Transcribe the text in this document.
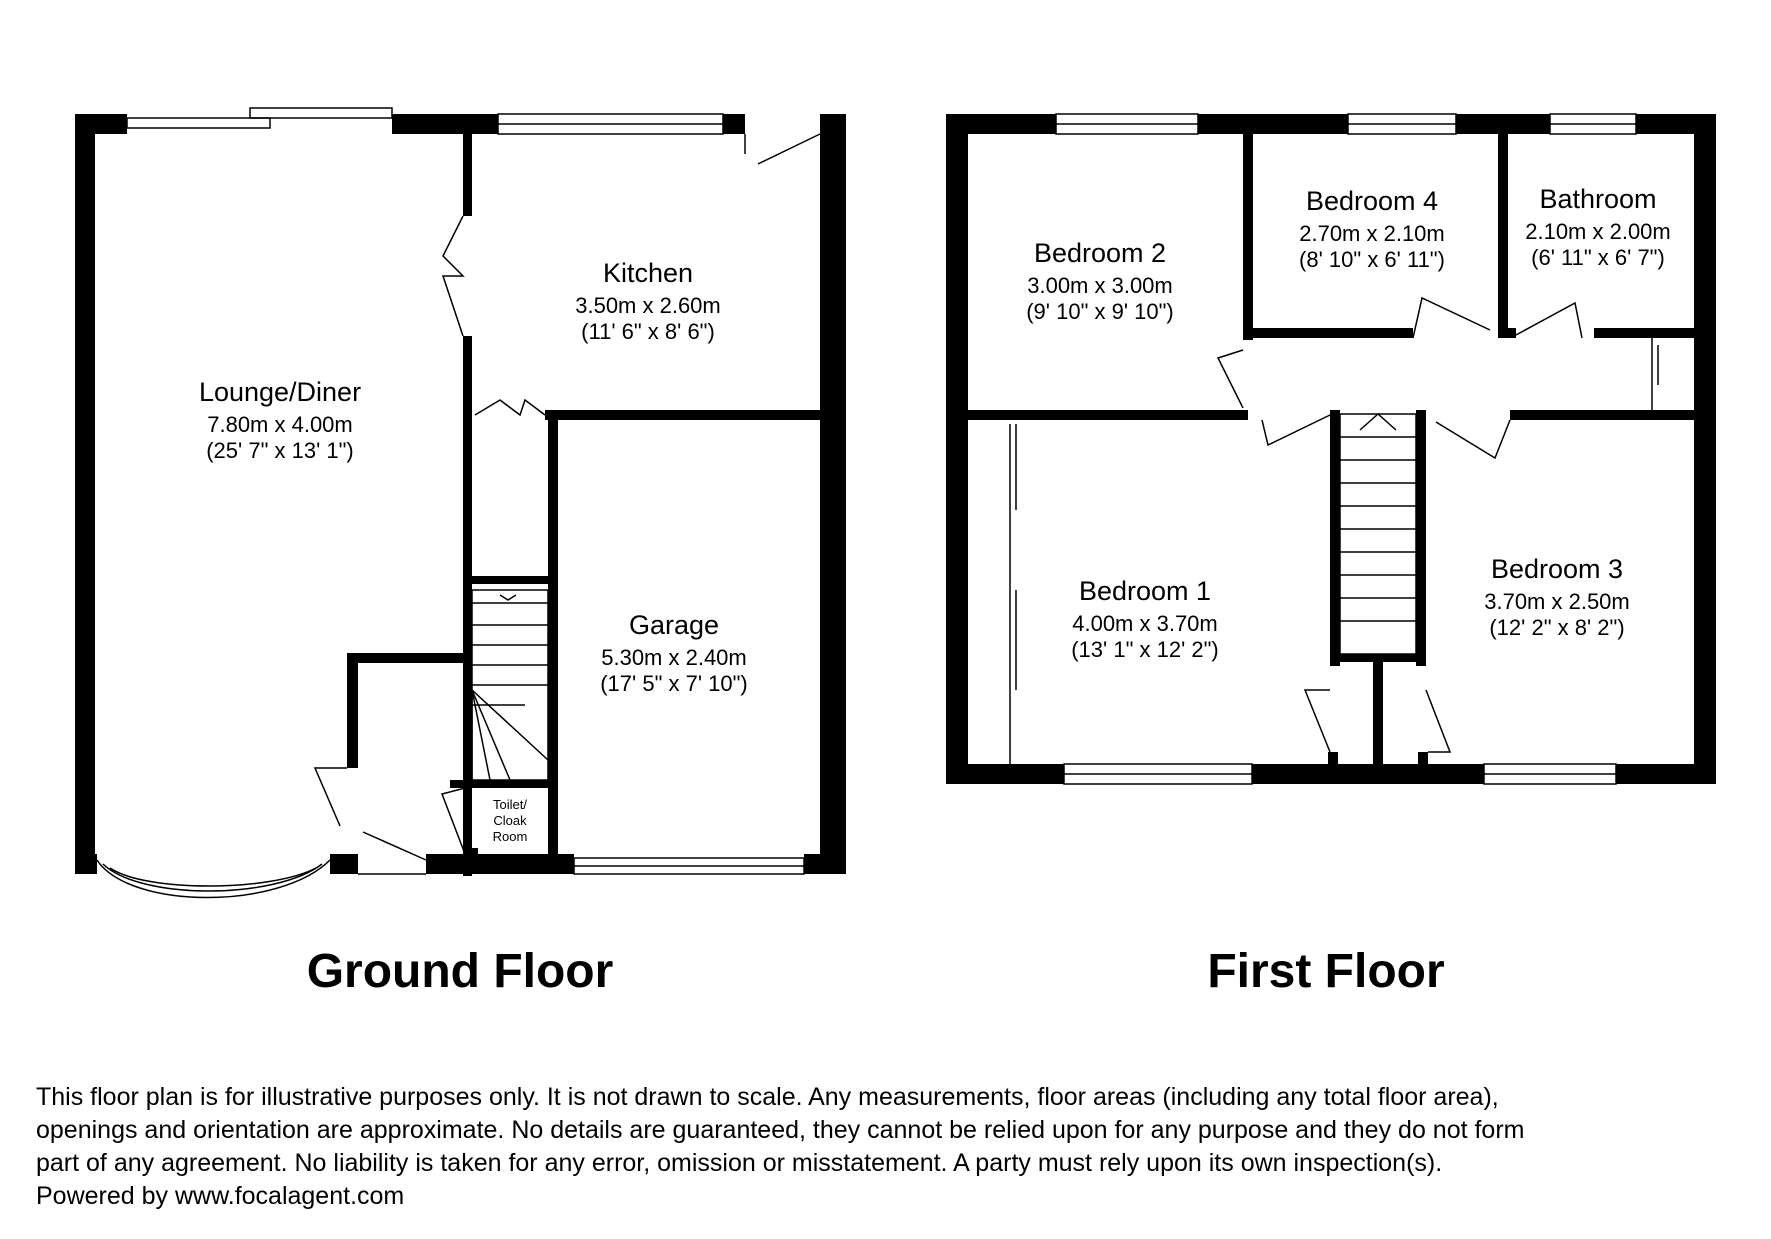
Lounge/Diner
7.80m x 4.00m
(25' 7" x 13' 1")
Kitchen
3.50m x 2.60m
(11' 6" x 8' 6")
Garage
5.30m x 2.40m
(17' 5" x 7' 10")
Toilet/
Cloak
Room
Ground Floor
Bedroom 2
3.00m x 3.00m
(9' 10" x 9' 10")
Bedroom 4
2.70m x 2.10m
(8' 10" x 6' 11")
Bathroom
2.10m x 2.00m
(6' 11" x 6' 7")
Bedroom 1
4.00m x 3.70m
(13' 1" x 12' 2")
Bedroom 3
3.70m x 2.50m
(12' 2" x 8' 2")
First Floor

This floor plan is for illustrative purposes only. It is not drawn to scale. Any measurements, floor areas (including any total floor area),

openings and orientation are approximate. No details are guaranteed, they cannot be relied upon for any purpose and they do not form

part of any agreement. No liability is taken for any error, omission or misstatement. A party must rely upon its own inspection(s).

Powered by www.focalagent.com
